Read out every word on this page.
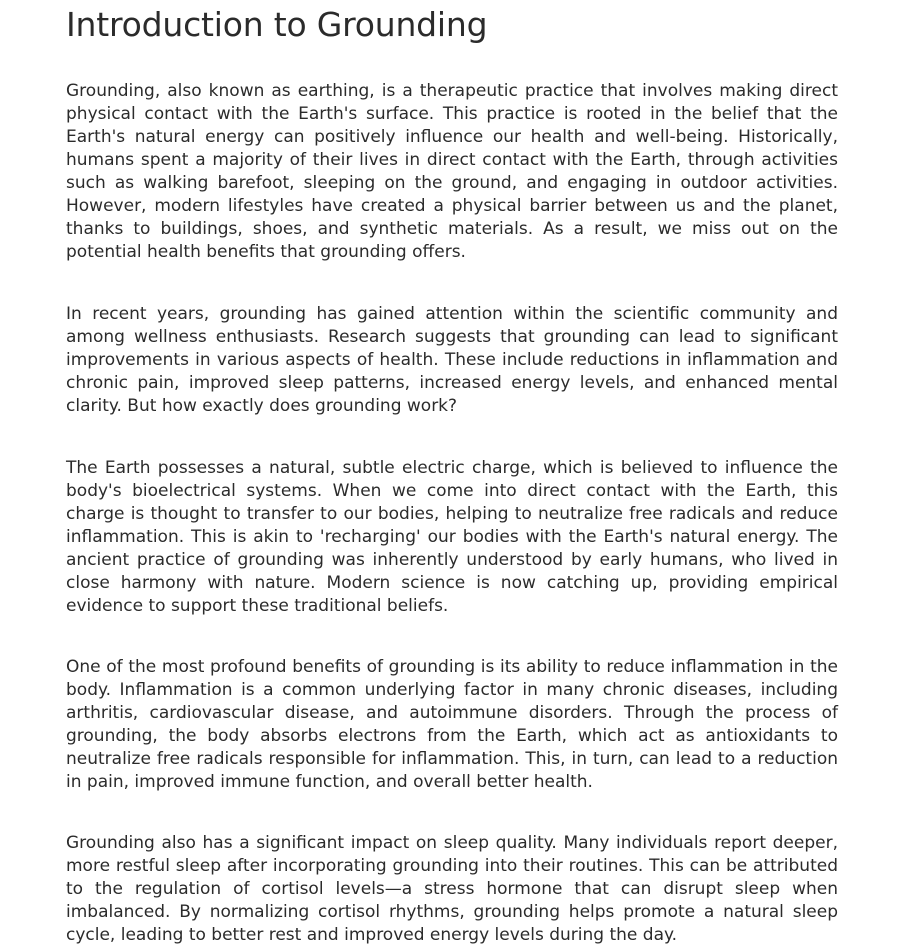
Introduction to Grounding

Grounding, also known as earthing, is a therapeutic practice that involves making direct physical contact with the Earth's surface. This practice is rooted in the belief that the Earth's natural energy can positively influence our health and well-being. Historically, humans spent a majority of their lives in direct contact with the Earth, through activities such as walking barefoot, sleeping on the ground, and engaging in outdoor activities. However, modern lifestyles have created a physical barrier between us and the planet, thanks to buildings, shoes, and synthetic materials. As a result, we miss out on the potential health benefits that grounding offers.

In recent years, grounding has gained attention within the scientific community and among wellness enthusiasts. Research suggests that grounding can lead to significant improvements in various aspects of health. These include reductions in inflammation and chronic pain, improved sleep patterns, increased energy levels, and enhanced mental clarity. But how exactly does grounding work?

The Earth possesses a natural, subtle electric charge, which is believed to influence the body's bioelectrical systems. When we come into direct contact with the Earth, this charge is thought to transfer to our bodies, helping to neutralize free radicals and reduce inflammation. This is akin to 'recharging' our bodies with the Earth's natural energy. The ancient practice of grounding was inherently understood by early humans, who lived in close harmony with nature. Modern science is now catching up, providing empirical evidence to support these traditional beliefs.

One of the most profound benefits of grounding is its ability to reduce inflammation in the body. Inflammation is a common underlying factor in many chronic diseases, including arthritis, cardiovascular disease, and autoimmune disorders. Through the process of grounding, the body absorbs electrons from the Earth, which act as antioxidants to neutralize free radicals responsible for inflammation. This, in turn, can lead to a reduction in pain, improved immune function, and overall better health.

Grounding also has a significant impact on sleep quality. Many individuals report deeper, more restful sleep after incorporating grounding into their routines. This can be attributed to the regulation of cortisol levels—a stress hormone that can disrupt sleep when imbalanced. By normalizing cortisol rhythms, grounding helps promote a natural sleep cycle, leading to better rest and improved energy levels during the day.
